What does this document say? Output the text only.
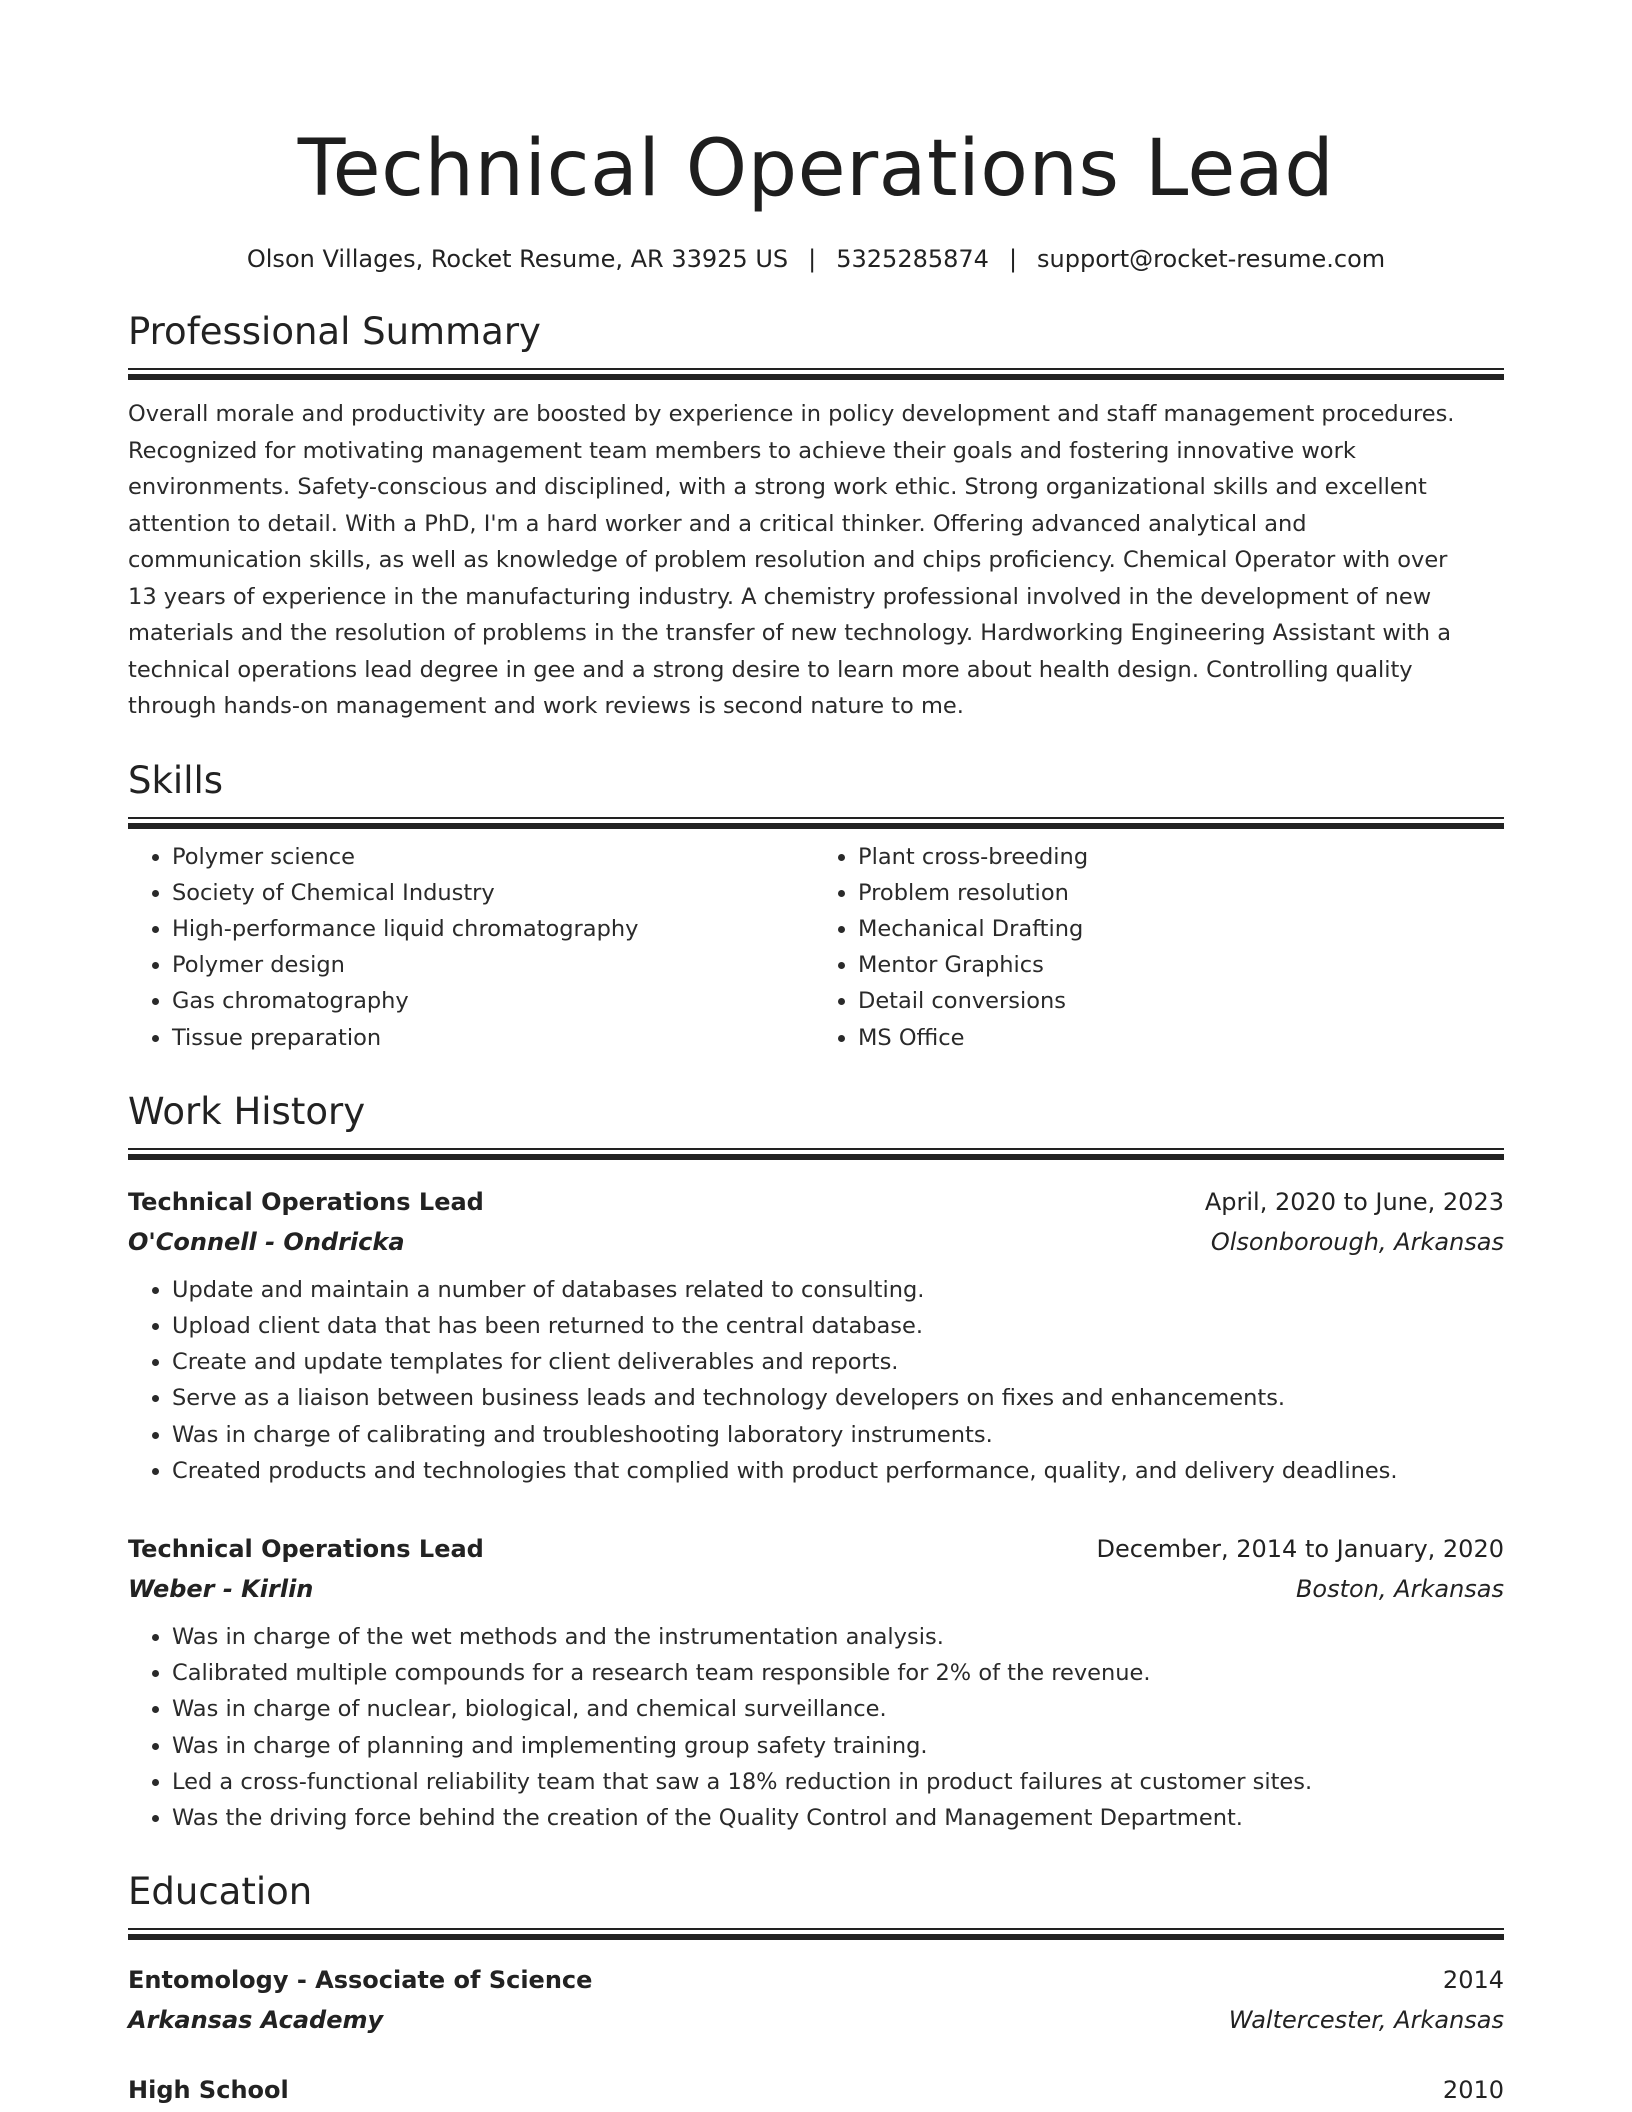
Technical Operations Lead
Olson Villages, Rocket Resume, AR 33925 US | 5325285874 | support@rocket-resume.com
Professional Summary
Overall morale and productivity are boosted by experience in policy development and staff management procedures.
Recognized for motivating management team members to achieve their goals and fostering innovative work
environments. Safety-conscious and disciplined, with a strong work ethic. Strong organizational skills and excellent
attention to detail. With a PhD, I'm a hard worker and a critical thinker. Offering advanced analytical and
communication skills, as well as knowledge of problem resolution and chips proficiency. Chemical Operator with over
13 years of experience in the manufacturing industry. A chemistry professional involved in the development of new
materials and the resolution of problems in the transfer of new technology. Hardworking Engineering Assistant with a
technical operations lead degree in gee and a strong desire to learn more about health design. Controlling quality
through hands-on management and work reviews is second nature to me.
Skills
• Polymer science
• Society of Chemical Industry
• High-performance liquid chromatography
• Polymer design
• Gas chromatography
• Tissue preparation
• Plant cross-breeding
• Problem resolution
• Mechanical Drafting
• Mentor Graphics
• Detail conversions
• MS Office
Work History
Technical Operations Lead	April, 2020 to June, 2023
O'Connell - Ondricka	Olsonborough, Arkansas
• Update and maintain a number of databases related to consulting.
• Upload client data that has been returned to the central database.
• Create and update templates for client deliverables and reports.
• Serve as a liaison between business leads and technology developers on fixes and enhancements.
• Was in charge of calibrating and troubleshooting laboratory instruments.
• Created products and technologies that complied with product performance, quality, and delivery deadlines.
Technical Operations Lead	December, 2014 to January, 2020
Weber - Kirlin	Boston, Arkansas
• Was in charge of the wet methods and the instrumentation analysis.
• Calibrated multiple compounds for a research team responsible for 2% of the revenue.
• Was in charge of nuclear, biological, and chemical surveillance.
• Was in charge of planning and implementing group safety training.
• Led a cross-functional reliability team that saw a 18% reduction in product failures at customer sites.
• Was the driving force behind the creation of the Quality Control and Management Department.
Education
Entomology - Associate of Science	2014
Arkansas Academy	Waltercester, Arkansas
High School	2010
